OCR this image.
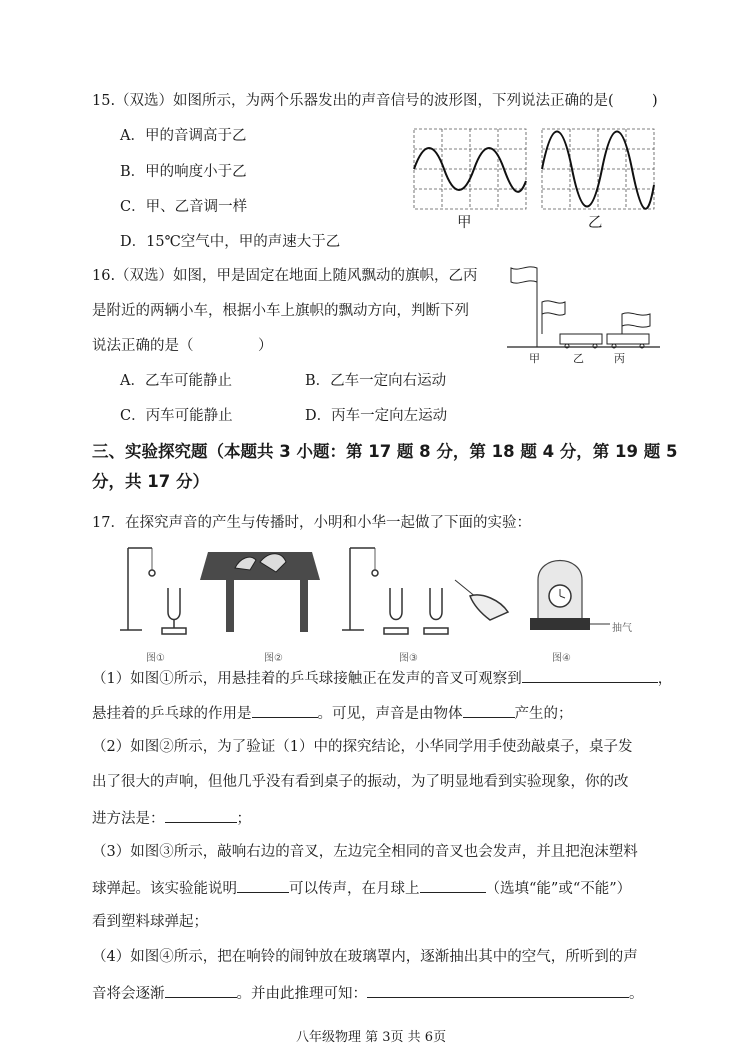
15.（双选）如图所示，为两个乐器发出的声音信号的波形图，下列说法正确的是(	)
A．甲的音调高于乙
B．甲的响度小于乙
C．甲、乙音调一样
D．15℃空气中，甲的声速大于乙
甲	乙
16.（双选）如图，甲是固定在地面上随风飘动的旗帜，乙丙
是附近的两辆小车，根据小车上旗帜的飘动方向，判断下列
说法正确的是（	）
A．乙车可能静止	B．乙车一定向右运动
C．丙车可能静止	D．丙车一定向左运动
甲	乙	丙
三、实验探究题（本题共 3 小题：第 17 题 8 分，第 18 题 4 分，第 19 题 5
分，共 17 分）
17．在探究声音的产生与传播时，小明和小华一起做了下面的实验：
图①	图②	图③	图④
抽气
（1）如图①所示，用悬挂着的乒乓球接触正在发声的音叉可观察到	，
悬挂着的乒乓球的作用是	。可见，声音是由物体	产生的；
（2）如图②所示，为了验证（1）中的探究结论，小华同学用手使劲敲桌子，桌子发
出了很大的声响，但他几乎没有看到桌子的振动，为了明显地看到实验现象，你的改
进方法是：	；
（3）如图③所示，敲响右边的音叉，左边完全相同的音叉也会发声，并且把泡沫塑料
球弹起。该实验能说明	可以传声，在月球上	（选填“能”或“不能”）
看到塑料球弹起；
（4）如图④所示，把在响铃的闹钟放在玻璃罩内，逐渐抽出其中的空气，所听到的声
音将会逐渐	。并由此推理可知：	。
八年级物理 第 3页 共 6页
